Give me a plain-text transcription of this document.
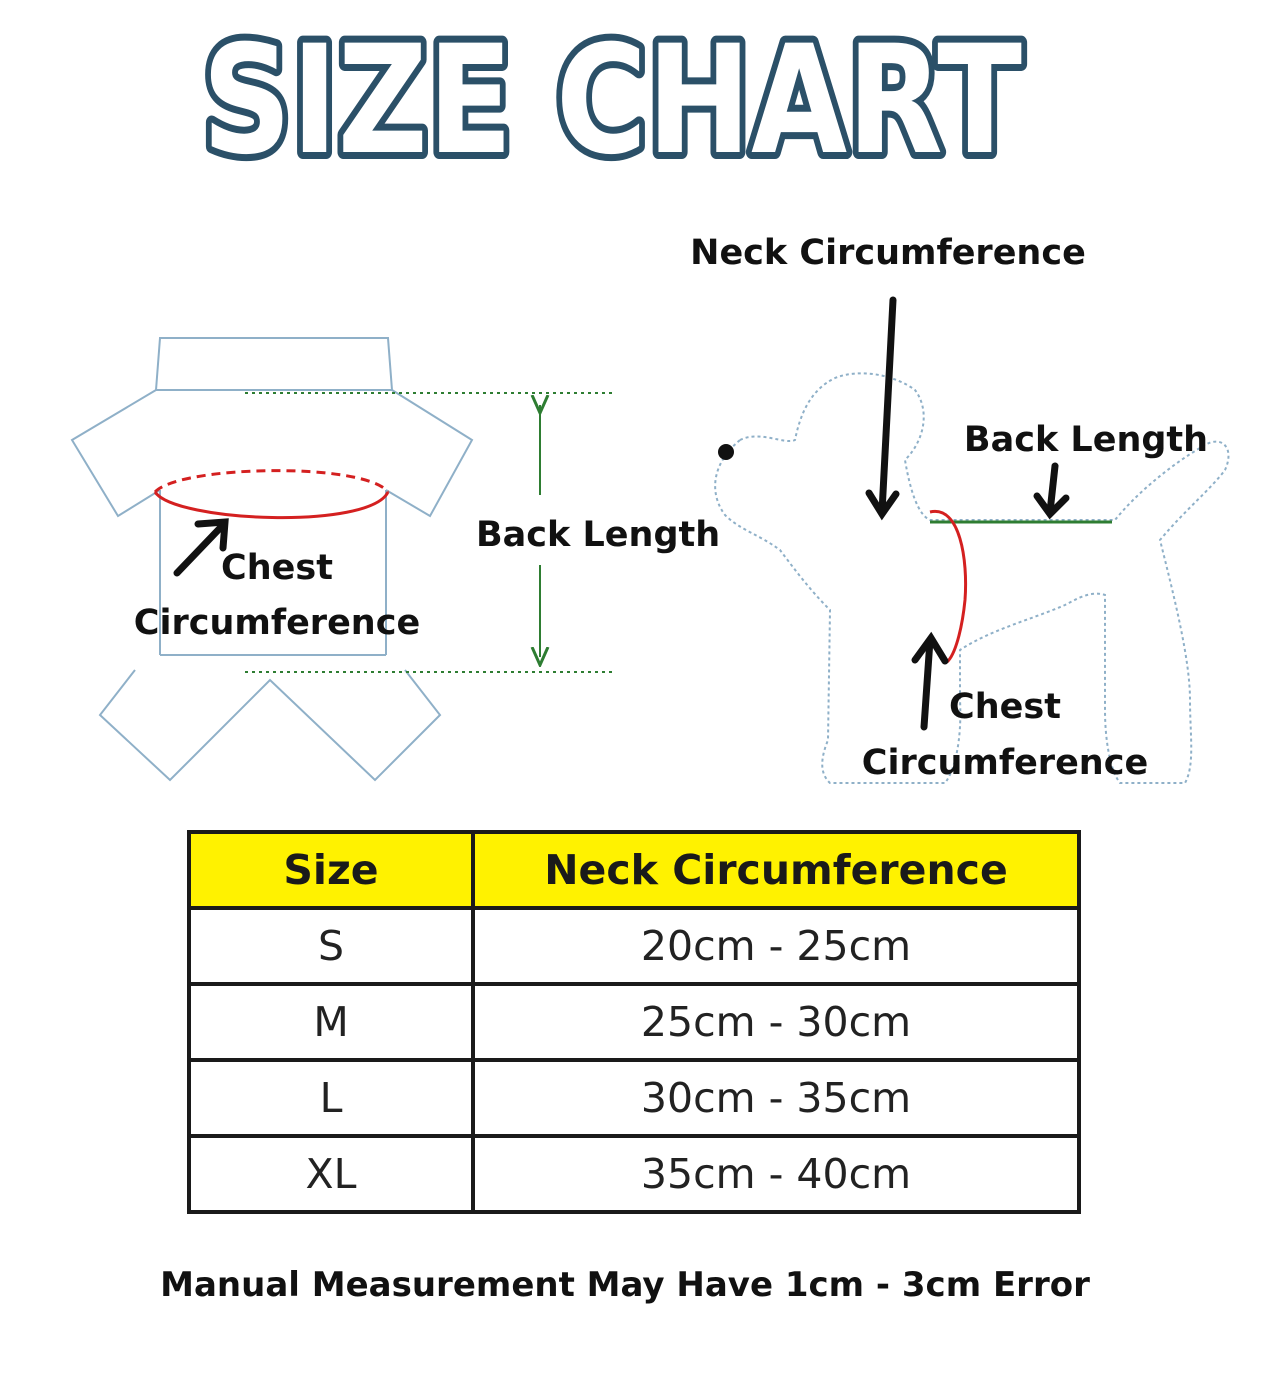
SIZE CHART
Back Length
Chest
Circumference
Neck Circumference
Back Length
Chest
Circumference
Size	Neck Circumference
S	20cm - 25cm
M	25cm - 30cm
L	30cm - 35cm
XL	35cm - 40cm
Manual Measurement May Have 1cm - 3cm Error
